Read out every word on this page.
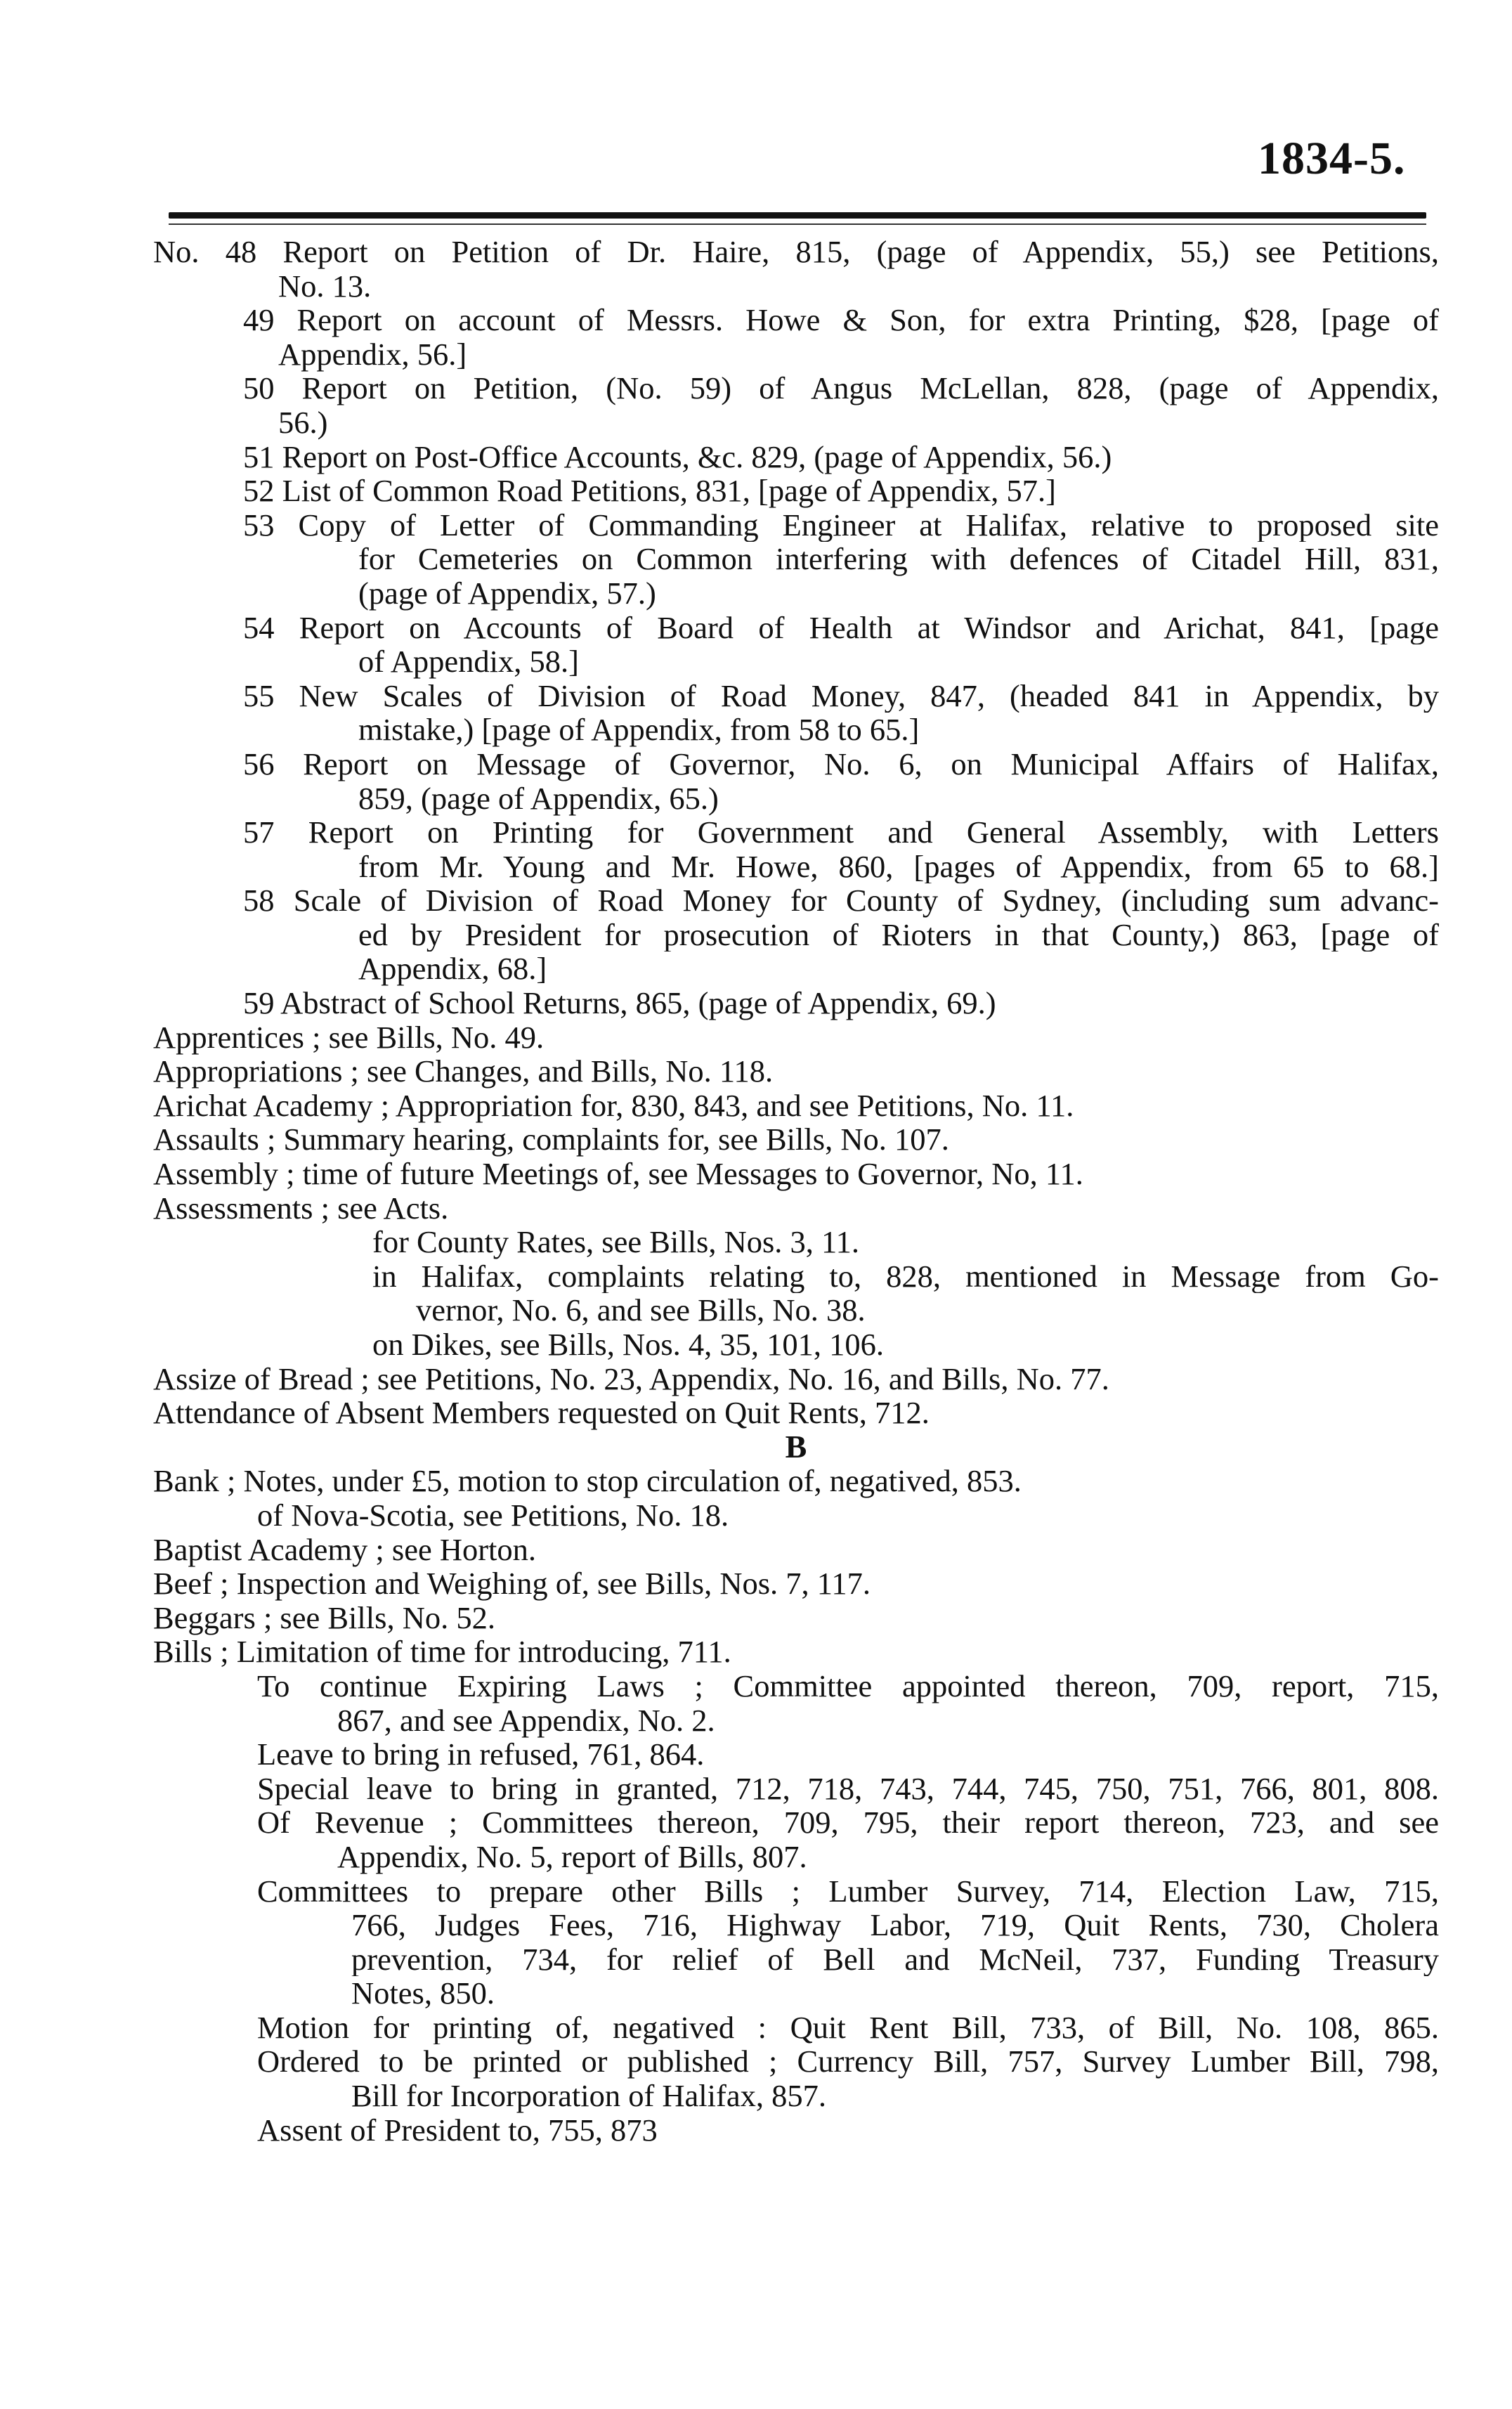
1834-5.
No. 48 Report on Petition of Dr. Haire, 815, (page of Appendix, 55,) see Petitions,
No. 13.
49 Report on account of Messrs. Howe & Son, for extra Printing, $28, [page of
Appendix, 56.]
50 Report on Petition, (No. 59) of Angus McLellan, 828, (page of Appendix,
56.)
51 Report on Post-Office Accounts, &c. 829, (page of Appendix, 56.)
52 List of Common Road Petitions, 831, [page of Appendix, 57.]
53 Copy of Letter of Commanding Engineer at Halifax, relative to proposed site
for Cemeteries on Common interfering with defences of Citadel Hill, 831,
(page of Appendix, 57.)
54 Report on Accounts of Board of Health at Windsor and Arichat, 841, [page
of Appendix, 58.]
55 New Scales of Division of Road Money, 847, (headed 841 in Appendix, by
mistake,) [page of Appendix, from 58 to 65.]
56 Report on Message of Governor, No. 6, on Municipal Affairs of Halifax,
859, (page of Appendix, 65.)
57 Report on Printing for Government and General Assembly, with Letters
from Mr. Young and Mr. Howe, 860, [pages of Appendix, from 65 to 68.]
58 Scale of Division of Road Money for County of Sydney, (including sum advanc-
ed by President for prosecution of Rioters in that County,) 863, [page of
Appendix, 68.]
59 Abstract of School Returns, 865, (page of Appendix, 69.)
Apprentices ; see Bills, No. 49.
Appropriations ; see Changes, and Bills, No. 118.
Arichat Academy ; Appropriation for, 830, 843, and see Petitions, No. 11.
Assaults ; Summary hearing, complaints for, see Bills, No. 107.
Assembly ; time of future Meetings of, see Messages to Governor, No, 11.
Assessments ; see Acts.
for County Rates, see Bills, Nos. 3, 11.
in Halifax, complaints relating to, 828, mentioned in Message from Go-
vernor, No. 6, and see Bills, No. 38.
on Dikes, see Bills, Nos. 4, 35, 101, 106.
Assize of Bread ; see Petitions, No. 23, Appendix, No. 16, and Bills, No. 77.
Attendance of Absent Members requested on Quit Rents, 712.
B
Bank ; Notes, under £5, motion to stop circulation of, negatived, 853.
of Nova-Scotia, see Petitions, No. 18.
Baptist Academy ; see Horton.
Beef ; Inspection and Weighing of, see Bills, Nos. 7, 117.
Beggars ; see Bills, No. 52.
Bills ; Limitation of time for introducing, 711.
To continue Expiring Laws ; Committee appointed thereon, 709, report, 715,
867, and see Appendix, No. 2.
Leave to bring in refused, 761, 864.
Special leave to bring in granted, 712, 718, 743, 744, 745, 750, 751, 766, 801, 808.
Of Revenue ; Committees thereon, 709, 795, their report thereon, 723, and see
Appendix, No. 5, report of Bills, 807.
Committees to prepare other Bills ; Lumber Survey, 714, Election Law, 715,
766, Judges Fees, 716, Highway Labor, 719, Quit Rents, 730, Cholera
prevention, 734, for relief of Bell and McNeil, 737, Funding Treasury
Notes, 850.
Motion for printing of, negatived : Quit Rent Bill, 733, of Bill, No. 108, 865.
Ordered to be printed or published ; Currency Bill, 757, Survey Lumber Bill, 798,
Bill for Incorporation of Halifax, 857.
Assent of President to, 755, 873
